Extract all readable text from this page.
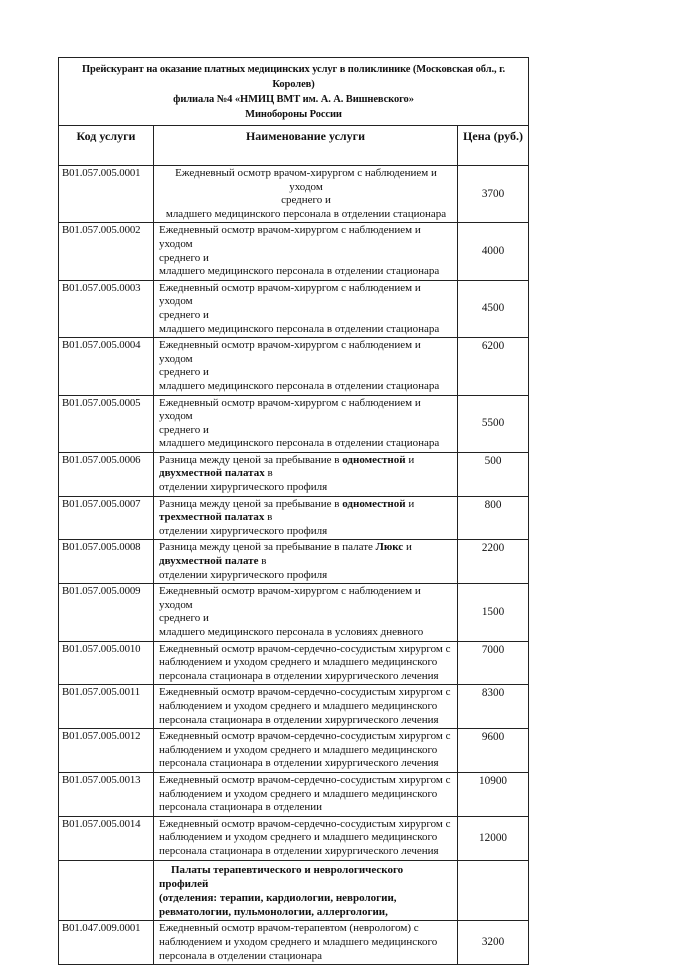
Прейскурант на оказание платных медицинских услуг в поликлинике (Московская обл., г. Королев)
филиала №4 «НМИЦ ВМТ им. А. А. Вишневского»
Минобороны России		

Код услуги	Наименование услуги	Цена (руб.)
В01.057.005.0001	Ежедневный осмотр врачом-хирургом с наблюдением и уходом
среднего и
младшего медицинского персонала в отделении стационара	3700
В01.057.005.0002	Ежедневный осмотр врачом-хирургом с наблюдением и уходом
среднего и
младшего медицинского персонала в отделении стационара	4000
В01.057.005.0003	Ежедневный осмотр врачом-хирургом с наблюдением и уходом
среднего и
младшего медицинского персонала в отделении стационара	4500
В01.057.005.0004	Ежедневный осмотр врачом-хирургом с наблюдением и уходом
среднего и
младшего медицинского персонала в отделении стационара	6200
В01.057.005.0005	Ежедневный осмотр врачом-хирургом с наблюдением и уходом
среднего и
младшего медицинского персонала в отделении стационара	5500
В01.057.005.0006	Разница между ценой за пребывание в одноместной и
двухместной палатах в
отделении хирургического профиля	500
В01.057.005.0007	Разница между ценой за пребывание в одноместной и
трехместной палатах в
отделении хирургического профиля	800
В01.057.005.0008	Разница между ценой за пребывание в палате Люкс и
двухместной палате в
отделении хирургического профиля	2200
В01.057.005.0009	Ежедневный осмотр врачом-хирургом с наблюдением и уходом
среднего и
младшего медицинского персонала в условиях дневного	1500
В01.057.005.0010	Ежедневный осмотр врачом-сердечно-сосудистым хирургом с
наблюдением и уходом среднего и младшего медицинского
персонала стационара в отделении хирургического лечения	7000
В01.057.005.0011	Ежедневный осмотр врачом-сердечно-сосудистым хирургом с
наблюдением и уходом среднего и младшего медицинского
персонала стационара в отделении хирургического лечения	8300
В01.057.005.0012	Ежедневный осмотр врачом-сердечно-сосудистым хирургом с
наблюдением и уходом среднего и младшего медицинского
персонала стационара в отделении хирургического лечения	9600
В01.057.005.0013	Ежедневный осмотр врачом-сердечно-сосудистым хирургом с
наблюдением и уходом среднего и младшего медицинского
персонала стационара в отделении	10900
В01.057.005.0014	Ежедневный осмотр врачом-сердечно-сосудистым хирургом с
наблюдением и уходом среднего и младшего медицинского
персонала стационара в отделении хирургического лечения	12000
	Палаты терапевтического и неврологического профилей
(отделения: терапии, кардиологии, неврологии,
ревматологии, пульмонологии, аллергологии,	
В01.047.009.0001	Ежедневный осмотр врачом-терапевтом (неврологом) с
наблюдением и уходом среднего и младшего медицинского
персонала в отделении стационара	3200
